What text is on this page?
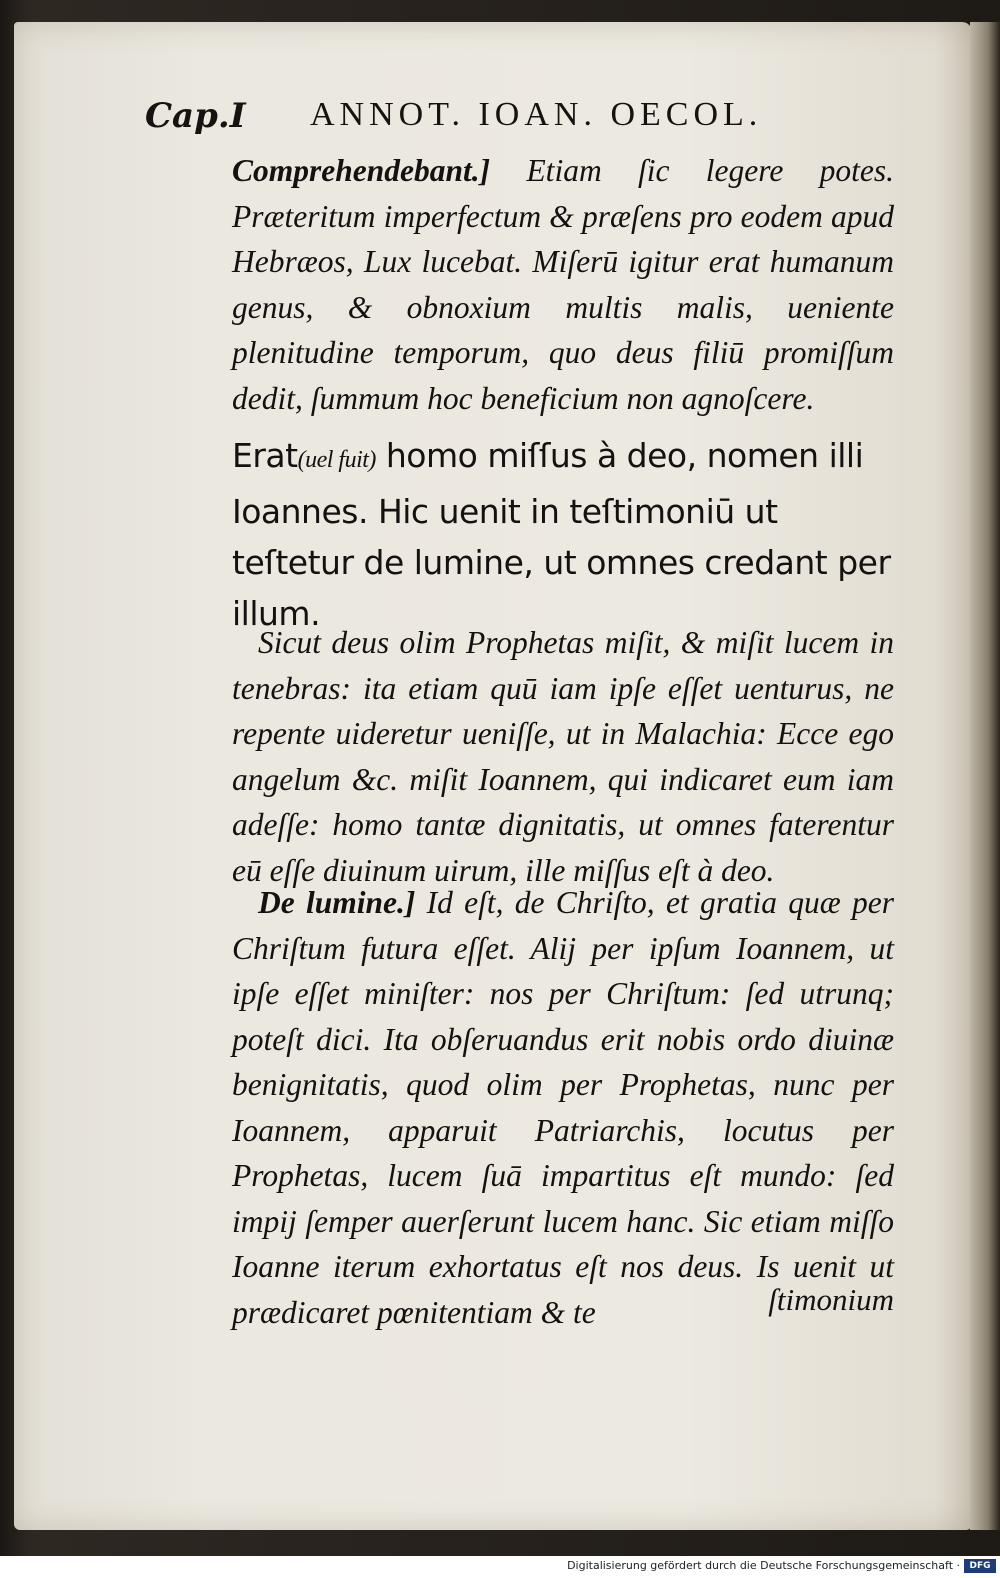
Cap.I ANNOT. IOAN. OECOL.

Comprehendebant.] Etiam ſic legere potes. Præteritum imperfectum & præſens pro eodem apud Hebræos, Lux lucebat. Miſerū igitur erat humanum genus, & obnoxium multis malis, ueniente plenitudine temporum, quo deus filiū promiſſum dedit, ſummum hoc beneficium non agnoſcere.

Erat(uel fuit) homo miſſus à deo, nomen illi Ioannes. Hic uenit in teſtimoniū ut teſtetur de lumine, ut omnes credant per illum.

Sicut deus olim Prophetas miſit, & miſit lucem in tenebras: ita etiam quū iam ipſe eſſet uenturus, ne repente uideretur ueniſſe, ut in Malachia: Ecce ego angelum &c. miſit Ioannem, qui indicaret eum iam adeſſe: homo tantæ dignitatis, ut omnes faterentur eū eſſe diuinum uirum, ille miſſus eſt à deo.

De lumine.] Id eſt, de Chriſto, et gratia quæ per Chriſtum futura eſſet. Alij per ipſum Ioannem, ut ipſe eſſet miniſter: nos per Chriſtum: ſed utrunq; poteſt dici. Ita obſeruandus erit nobis ordo diuinæ benignitatis, quod olim per Prophetas, nunc per Ioannem, apparuit Patriarchis, locutus per Prophetas, lucem ſuā impartitus eſt mundo: ſed impij ſemper auerſerunt lucem hanc. Sic etiam miſſo Ioanne iterum exhortatus eſt nos deus. Is uenit ut prædicaret pœnitentiam & te	ſtimonium
Digitalisierung gefördert durch die Deutsche Forschungsgemeinschaft ·	DFG
